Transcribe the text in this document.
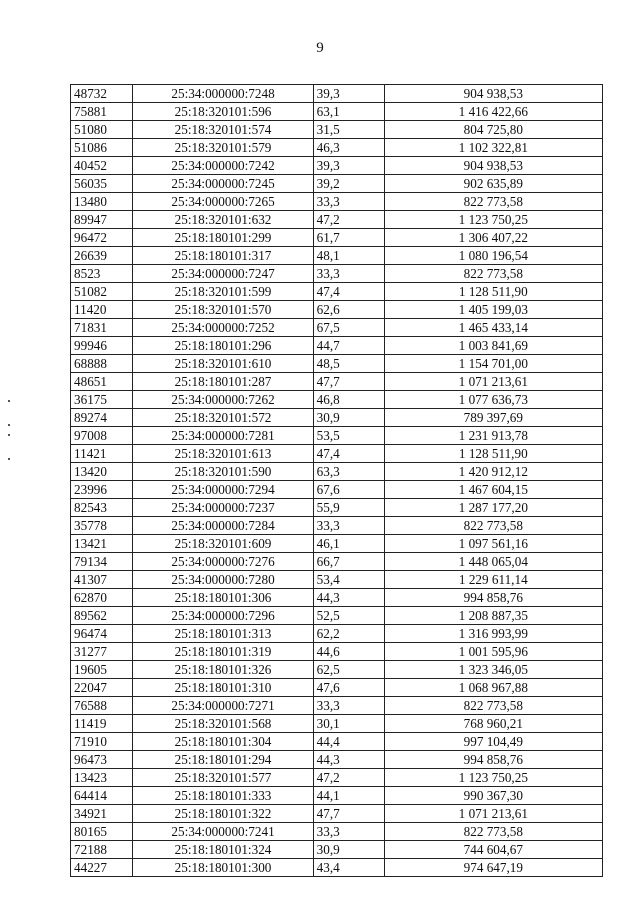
9
48732	25:34:000000:7248	39,3	904 938,53
75881	25:18:320101:596	63,1	1 416 422,66
51080	25:18:320101:574	31,5	804 725,80
51086	25:18:320101:579	46,3	1 102 322,81
40452	25:34:000000:7242	39,3	904 938,53
56035	25:34:000000:7245	39,2	902 635,89
13480	25:34:000000:7265	33,3	822 773,58
89947	25:18:320101:632	47,2	1 123 750,25
96472	25:18:180101:299	61,7	1 306 407,22
26639	25:18:180101:317	48,1	1 080 196,54
8523	25:34:000000:7247	33,3	822 773,58
51082	25:18:320101:599	47,4	1 128 511,90
11420	25:18:320101:570	62,6	1 405 199,03
71831	25:34:000000:7252	67,5	1 465 433,14
99946	25:18:180101:296	44,7	1 003 841,69
68888	25:18:320101:610	48,5	1 154 701,00
48651	25:18:180101:287	47,7	1 071 213,61
36175	25:34:000000:7262	46,8	1 077 636,73
89274	25:18:320101:572	30,9	789 397,69
97008	25:34:000000:7281	53,5	1 231 913,78
11421	25:18:320101:613	47,4	1 128 511,90
13420	25:18:320101:590	63,3	1 420 912,12
23996	25:34:000000:7294	67,6	1 467 604,15
82543	25:34:000000:7237	55,9	1 287 177,20
35778	25:34:000000:7284	33,3	822 773,58
13421	25:18:320101:609	46,1	1 097 561,16
79134	25:34:000000:7276	66,7	1 448 065,04
41307	25:34:000000:7280	53,4	1 229 611,14
62870	25:18:180101:306	44,3	994 858,76
89562	25:34:000000:7296	52,5	1 208 887,35
96474	25:18:180101:313	62,2	1 316 993,99
31277	25:18:180101:319	44,6	1 001 595,96
19605	25:18:180101:326	62,5	1 323 346,05
22047	25:18:180101:310	47,6	1 068 967,88
76588	25:34:000000:7271	33,3	822 773,58
11419	25:18:320101:568	30,1	768 960,21
71910	25:18:180101:304	44,4	997 104,49
96473	25:18:180101:294	44,3	994 858,76
13423	25:18:320101:577	47,2	1 123 750,25
64414	25:18:180101:333	44,1	990 367,30
34921	25:18:180101:322	47,7	1 071 213,61
80165	25:34:000000:7241	33,3	822 773,58
72188	25:18:180101:324	30,9	744 604,67
44227	25:18:180101:300	43,4	974 647,19
